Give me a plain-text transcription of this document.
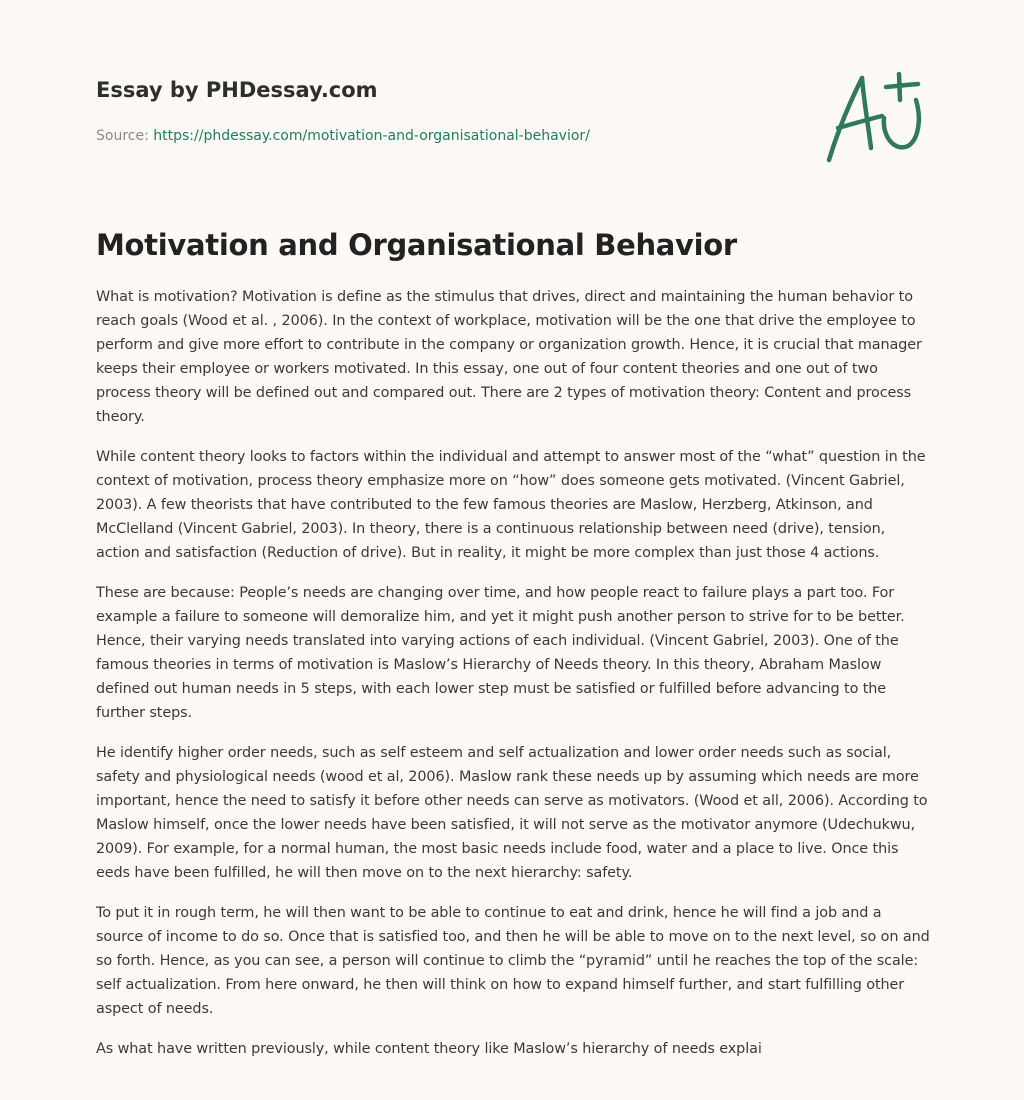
Essay by PHDessay.com
Source: https://phdessay.com/motivation-and-organisational-behavior/
Motivation and Organisational Behavior

What is motivation? Motivation is define as the stimulus that drives, direct and maintaining the human behavior to reach goals (Wood et al. , 2006). In the context of workplace, motivation will be the one that drive the employee to perform and give more effort to contribute in the company or organization growth. Hence, it is crucial that manager keeps their employee or workers motivated. In this essay, one out of four content theories and one out of two process theory will be defined out and compared out. There are 2 types of motivation theory: Content and process theory.

While content theory looks to factors within the individual and attempt to answer most of the “what” question in the context of motivation, process theory emphasize more on “how” does someone gets motivated. (Vincent Gabriel, 2003). A few theorists that have contributed to the few famous theories are Maslow, Herzberg, Atkinson, and McClelland (Vincent Gabriel, 2003). In theory, there is a continuous relationship between need (drive), tension, action and satisfaction (Reduction of drive). But in reality, it might be more complex than just those 4 actions.

These are because: People’s needs are changing over time, and how people react to failure plays a part too. For example a failure to someone will demoralize him, and yet it might push another person to strive for to be better. Hence, their varying needs translated into varying actions of each individual. (Vincent Gabriel, 2003). One of the famous theories in terms of motivation is Maslow’s Hierarchy of Needs theory. In this theory, Abraham Maslow defined out human needs in 5 steps, with each lower step must be satisfied or fulfilled before advancing to the further steps.

He identify higher order needs, such as self esteem and self actualization and lower order needs such as social, safety and physiological needs (wood et al, 2006). Maslow rank these needs up by assuming which needs are more important, hence the need to satisfy it before other needs can serve as motivators. (Wood et all, 2006). According to Maslow himself, once the lower needs have been satisfied, it will not serve as the motivator anymore (Udechukwu, 2009). For example, for a normal human, the most basic needs include food, water and a place to live. Once this eeds have been fulfilled, he will then move on to the next hierarchy: safety.

To put it in rough term, he will then want to be able to continue to eat and drink, hence he will find a job and a source of income to do so. Once that is satisfied too, and then he will be able to move on to the next level, so on and so forth. Hence, as you can see, a person will continue to climb the “pyramid” until he reaches the top of the scale: self actualization. From here onward, he then will think on how to expand himself further, and start fulfilling other aspect of needs.

As what have written previously, while content theory like Maslow’s hierarchy of needs explai
